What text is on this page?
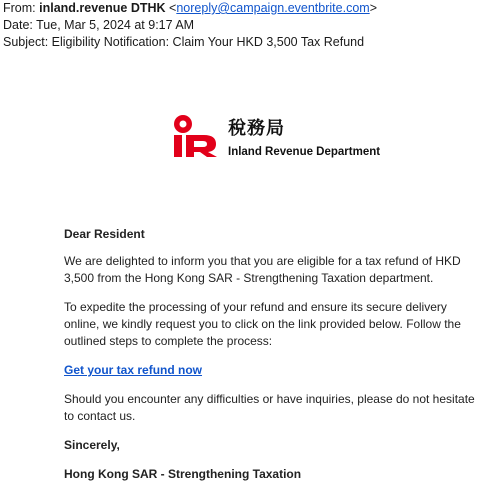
From: inland.revenue DTHK <noreply@campaign.eventbrite.com>
Date: Tue, Mar 5, 2024 at 9:17 AM
Subject: Eligibility Notification: Claim Your HKD 3,500 Tax Refund
稅務局
Inland Revenue Department

Dear Resident

We are delighted to inform you that you are eligible for a tax refund of HKD 3,500 from the Hong Kong SAR - Strengthening Taxation department.

To expedite the processing of your refund and ensure its secure delivery online, we kindly request you to click on the link provided below. Follow the outlined steps to complete the process:

Get your tax refund now

Should you encounter any difficulties or have inquiries, please do not hesitate to contact us.

Sincerely,

Hong Kong SAR - Strengthening Taxation
